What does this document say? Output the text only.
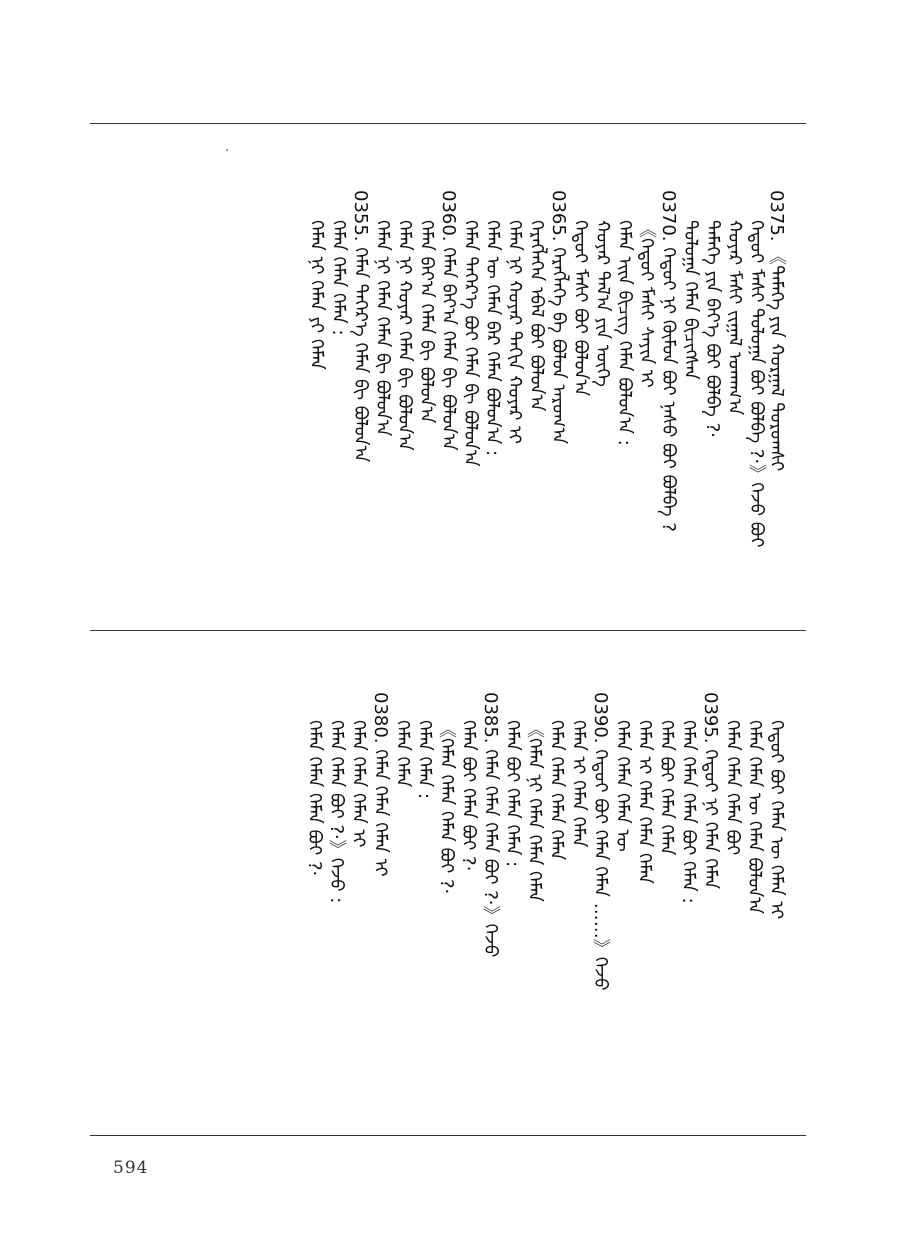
0375. 《ᠲᠡᠮᠡᠭᠡ ᠶᠢᠨ ᠬᠤᠷᠭᠠᠯ ᠳᠣᠷᠤᠭᠰᠢ
ᠬᠡᠳᠦᠢ ᠮᠠᠰᠢ ᠳᠤᠯᠤᠭᠠ ᠪᠣᠢ ᠪᠣᠯᠪᠠ ?·》ᠭᠡᠵᠦ ᠪᠣᠢ
ᠬᠣᠶᠠᠷ ᠮᠠᠰᠢ ᠵᠢᠭᠠᠯ ᠤᠬᠠᠭ᠎ᠠ
ᠲᠡᠮᠡᠭᠡ ᠶᠢᠨ ᠪᠡᠶ᠎ᠡ ᠪᠣᠢ ᠪᠣᠯᠪᠠ ?·
ᠳᠤᠯᠤᠭᠠ ᠬᠡᠮᠡᠨ ᠪᠢᠴᠢᠭᠰᠡᠨ
0370. ᠬᠡᠳᠦᠢ ᠨᠢ ᠬᠦᠮᠦᠨ ᠪᠣᠢ ᠨᠠᠰᠤ ᠪᠣᠢ ᠪᠣᠯᠪᠠ ?
《ᠬᠡᠳᠦᠢ ᠮᠠᠰᠢ ᠰᠠᠶᠢᠨ ᠢ
ᠬᠡᠮᠡᠨ ᠡᠢᠨ ᠪᠢᠴᠢᠭ ᠬᠡᠮᠡᠨ ᠪᠣᠯᠤᠨ᠎ᠠ :
ᠬᠣᠶᠠᠷ ᠲᠠᠯ᠎ᠠ ᠶᠢᠨ ᠦᠭᠡ
ᠬᠡᠳᠦᠢ ᠮᠠᠰᠢ ᠪᠣᠢ ᠪᠣᠯᠤᠨ᠎ᠠ
0365. ᠬᠡᠷᠡᠭᠯᠡᠭᠡ ᠪᠡ ᠪᠣᠯᠤᠨ ᠠᠷᠤᠭ᠎ᠠ
ᠬᠡᠷᠡᠭᠯᠡᠭᠡᠨ ᠡᠪᠡᠯ ᠪᠣᠢ ᠪᠣᠯᠤᠨ᠎ᠠ
ᠬᠡᠮᠡᠨ ᠨᠢ ᠬᠣᠶᠠᠷ ᠳᠠᠬᠢᠨ ᠬᠣᠶᠠᠷ ᠢ
ᠬᠡᠮᠡᠨ ᠦ ᠬᠡᠮᠡᠨ ᠪᠡᠷ ᠬᠡᠮᠡᠨ ᠪᠣᠯᠤᠨ᠎ᠠ :
ᠬᠡᠮᠡᠨ ᠳᠡᠭᠡᠷ᠎ᠡ ᠪᠣᠢ ᠬᠡᠮᠡᠨ ᠪᠢ ᠪᠣᠯᠤᠨ᠎ᠠ
0360. ᠬᠡᠮᠡᠨ ᠪᠠᠶ᠎ᠠ ᠬᠡᠮᠡᠨ ᠪᠢ ᠪᠣᠯᠤᠨ᠎ᠠ
ᠬᠡᠮᠡᠨ ᠪᠠᠶ᠎ᠠ ᠬᠡᠮᠡᠨ ᠪᠢ ᠪᠣᠯᠤᠨ᠎ᠠ
ᠬᠡᠮᠡᠨ ᠨᠢ ᠬᠣᠶᠠᠷ ᠬᠡᠮᠡᠨ ᠪᠢ ᠪᠣᠯᠤᠨ᠎ᠠ
ᠬᠡᠮᠡᠨ ᠨᠢ ᠬᠡᠮᠡᠨ ᠬᠡᠮᠡᠨ ᠪᠢ ᠪᠣᠯᠤᠨ᠎ᠠ
0355. ᠬᠡᠮᠡᠨ ᠳᠡᠭᠡᠷ᠎ᠡ ᠬᠡᠮᠡᠨ ᠪᠢ ᠪᠣᠯᠤᠨ᠎ᠠ
ᠬᠡᠮᠡᠨ ᠬᠡᠮᠡᠨ ᠬᠡᠮᠡᠨ :
ᠬᠡᠮᠡᠨ ᠨᠢ ᠬᠡᠮᠡᠨ ᠶᠢ ᠬᠡᠮᠡᠨ
ᠬᠡᠳᠦᠢ ᠪᠣᠢ ᠬᠡᠮᠡᠨ ᠦ ᠬᠡᠮᠡᠨ ᠢ
ᠬᠡᠮᠡᠨ ᠬᠡᠮᠡᠨ ᠦ ᠬᠡᠮᠡᠨ ᠪᠣᠯᠤᠨ᠎ᠠ
ᠬᠡᠮᠡᠨ ᠬᠡᠮᠡᠨ ᠬᠡᠮᠡᠨ ᠪᠣᠢ
0395. ᠬᠡᠳᠦᠢ ᠨᠢ ᠬᠡᠮᠡᠨ ᠬᠡᠮᠡᠨ
ᠬᠡᠮᠡᠨ ᠬᠡᠮᠡᠨ ᠬᠡᠮᠡᠨ ᠪᠣᠢ ᠬᠡᠮᠡᠨ :
ᠬᠡᠮᠡᠨ ᠪᠣᠢ ᠬᠡᠮᠡᠨ ᠬᠡᠮᠡᠨ
ᠬᠡᠮᠡᠨ ᠢ ᠬᠡᠮᠡᠨ ᠬᠡᠮᠡᠨ ᠬᠡᠮᠡᠨ
ᠬᠡᠮᠡᠨ ᠬᠡᠮᠡᠨ ᠬᠡᠮᠡᠨ ᠦ
0390. ᠬᠡᠳᠦᠢ ᠪᠣᠢ ᠬᠡᠮᠡᠨ ᠬᠡᠮᠡᠨ ……》ᠭᠡᠵᠦ
ᠬᠡᠮᠡᠨ ᠢ ᠬᠡᠮᠡᠨ ᠬᠡᠮᠡᠨ
ᠬᠡᠮᠡᠨ ᠬᠡᠮᠡᠨ ᠬᠡᠮᠡᠨ ᠬᠡᠮᠡᠨ
《ᠬᠡᠮᠡᠨ ᠨᠢ ᠬᠡᠮᠡᠨ ᠬᠡᠮᠡᠨ ᠬᠡᠮᠡᠨ
ᠬᠡᠮᠡᠨ ᠪᠣᠢ ᠬᠡᠮᠡᠨ ᠬᠡᠮᠡᠨ :
0385. ᠬᠡᠮᠡᠨ ᠬᠡᠮᠡᠨ ᠬᠡᠮᠡᠨ ᠪᠣᠢ ?·》ᠭᠡᠵᠦ
ᠬᠡᠮᠡᠨ ᠪᠣᠢ ᠬᠡᠮᠡᠨ ᠪᠣᠢ ?·
《ᠬᠡᠮᠡᠨ ᠬᠡᠮᠡᠨ ᠬᠡᠮᠡᠨ ᠪᠣᠢ ?·
ᠬᠡᠮᠡᠨ ᠬᠡᠮᠡᠨ :
ᠬᠡᠮᠡᠨ ᠬᠡᠮᠡᠨ
0380. ᠬᠡᠮᠡᠨ ᠬᠡᠮᠡᠨ ᠬᠡᠮᠡᠨ ᠢ
ᠬᠡᠮᠡᠨ ᠬᠡᠮᠡᠨ ᠬᠡᠮᠡᠨ ᠢ
ᠬᠡᠮᠡᠨ ᠬᠡᠮᠡᠨ ᠪᠣᠢ ?·》ᠭᠡᠵᠦ :
ᠬᠡᠮᠡᠨ ᠬᠡᠮᠡᠨ ᠬᠡᠮᠡᠨ ᠪᠣᠢ ?·
594
